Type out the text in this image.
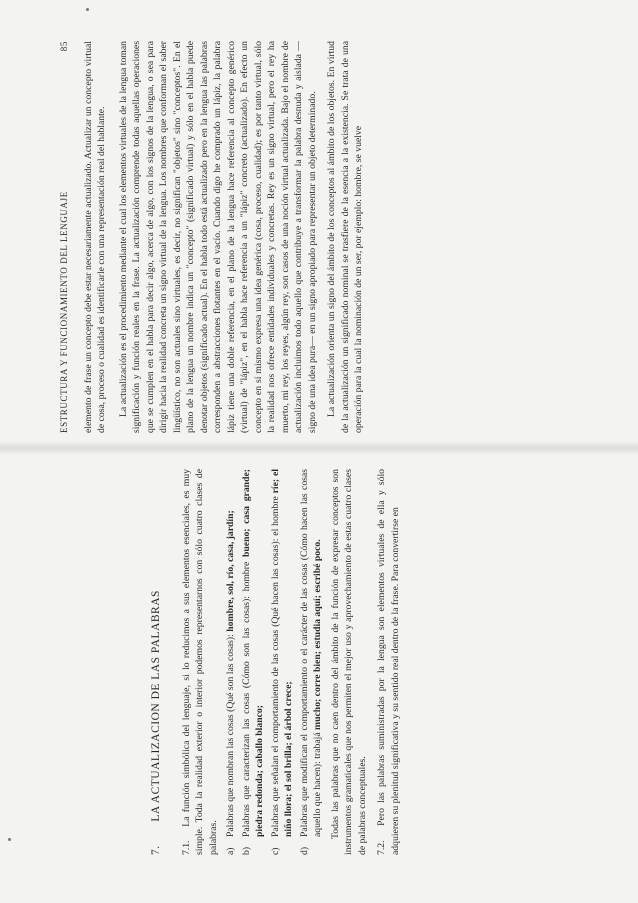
7. LA ACTUALIZACION DE LAS PALABRAS

7.1. La función simbólica del lenguaje, si lo reducimos a sus elementos esenciales, es muy simple. Toda la realidad exterior o interior podemos representarnos con sólo cuatro clases de palabras. a)Palabras que nombran las cosas (Qué son las cosas): hombre, sol, río, casa, jardín;
b)Palabras que caracterizan las cosas (Cómo son las cosas): hombre bueno; casa grande; piedra redonda; caballo blanco;
c)Palabras que señalan el comportamiento de las cosas (Qué hacen las cosas): el hombre ríe; el niño llora; el sol brilla; el árbol crece;
d)Palabras que modifican el comportamiento o el carácter de las cosas (Cómo hacen las cosas aquello que hacen): trabajá mucho; corre bien; estudia aquí; escribé poco. Todas las palabras que no caen dentro del ámbito de la función de expresar conceptos son instrumentos gramaticales que nos permiten el mejor uso y aprovechamiento de estas cuatro clases de palabras conceptuales. 7.2. Pero las palabras suministradas por la lengua son elementos virtuales de ella y sólo adquieren su plenitud significativa y su sentido real dentro de la frase. Para convertirse en

ESTRUCTURA Y FUNCIONAMIENTO DEL LENGUAJE
85 elemento de frase un concepto debe estar necesariamente actualizado. Actualizar un concepto virtual de cosa, proceso o cualidad es identificarle con una representación real del hablante. La actualización es el procedimiento mediante el cual los elementos virtuales de la lengua toman significación y función reales en la frase. La actualización comprende todas aquellas operaciones que se cumplen en el habla para decir algo, acerca de algo, con los signos de la lengua, o sea para dirigir hacia la realidad concreta un signo virtual de la lengua. Los nombres que conforman el saber lingüístico, no son actuales sino virtuales, es decir, no significan "objetos" sino "conceptos". En el plano de la lengua un nombre indica un "concepto" (significado virtual) y sólo en el habla puede denotar objetos (significado actual). En el habla todo está actualizado pero en la lengua las palabras corresponden a abstracciones flotantes en el vacío. Cuando digo he comprado un lápiz, la palabra lápiz tiene una doble referencia, en el plano de la lengua hace referencia al concepto genérico (virtual) de "lápiz", en el habla hace referencia a un "lápiz" concreto (actualizado). En efecto un concepto en sí mismo expresa una idea genérica (cosa, proceso, cualidad); es por tanto virtual, sólo la realidad nos ofrece entidades individuales y concretas. Rey es un signo virtual, pero el rey ha muerto, mi rey, los reyes, algún rey, son casos de una noción virtual actualizada. Bajo el nombre de actualización incluimos todo aquello que contribuye a transformar la palabra desnuda y aislada —signo de una idea pura— en un signo apropiado para representar un objeto determinado. La actualización orienta un signo del ámbito de los conceptos al ámbito de los objetos. En virtud de la actualización un significado nominal se trasfiere de la esencia a la existencia. Se trata de una operación para la cual la nominación de un ser, por ejemplo: hombre, se vuelve
